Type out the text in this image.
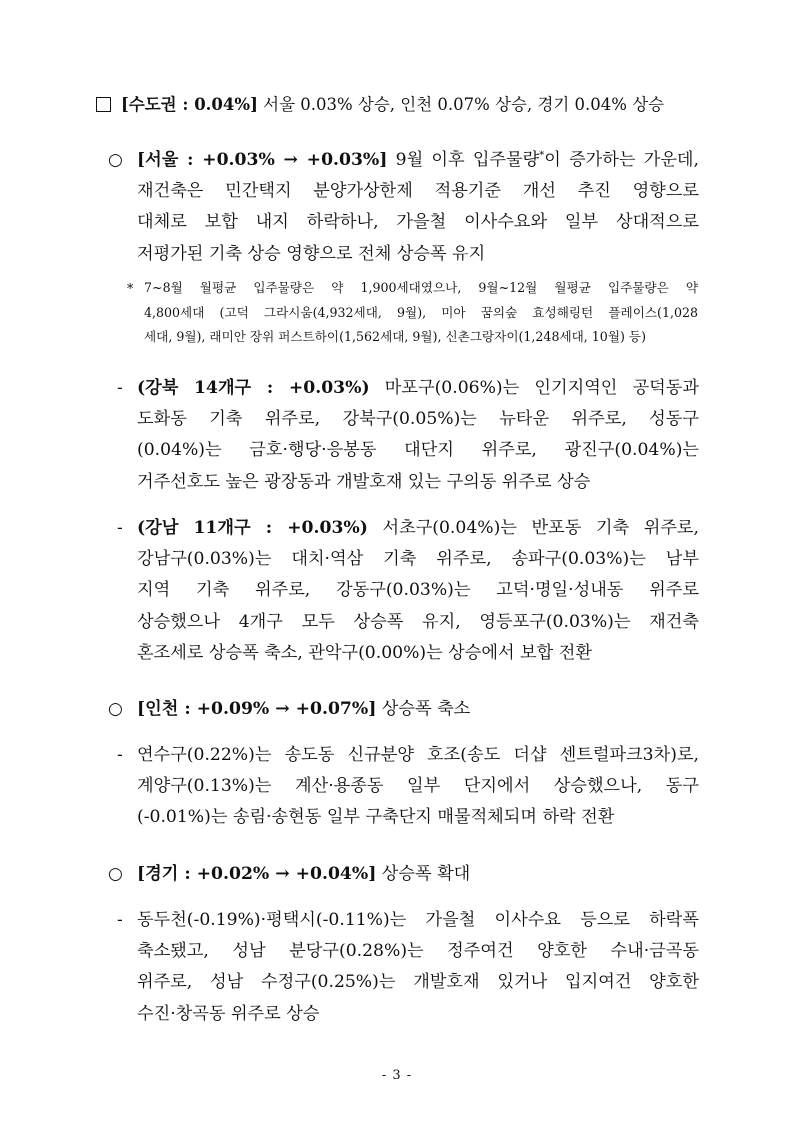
[수도권 : 0.04%] 서울 0.03% 상승, 인천 0.07% 상승, 경기 0.04% 상승
○ [서울 : +0.03% → +0.03%] 9월 이후 입주물량*이 증가하는 가운데,
재건축은 민간택지 분양가상한제 적용기준 개선 추진 영향으로
대체로 보합 내지 하락하나, 가을철 이사수요와 일부 상대적으로
저평가된 기축 상승 영향으로 전체 상승폭 유지
* 7~8월 월평균 입주물량은 약 1,900세대였으나, 9월~12월 월평균 입주물량은 약
4,800세대 (고덕 그라시움(4,932세대, 9월), 미아 꿈의숲 효성해링턴 플레이스(1,028
세대, 9월), 래미안 장위 퍼스트하이(1,562세대, 9월), 신촌그랑자이(1,248세대, 10월) 등)
- (강북 14개구 : +0.03%) 마포구(0.06%)는 인기지역인 공덕동과
도화동 기축 위주로, 강북구(0.05%)는 뉴타운 위주로, 성동구
(0.04%)는 금호·행당·응봉동 대단지 위주로, 광진구(0.04%)는
거주선호도 높은 광장동과 개발호재 있는 구의동 위주로 상승
- (강남 11개구 : +0.03%) 서초구(0.04%)는 반포동 기축 위주로,
강남구(0.03%)는 대치·역삼 기축 위주로, 송파구(0.03%)는 남부
지역 기축 위주로, 강동구(0.03%)는 고덕·명일·성내동 위주로
상승했으나 4개구 모두 상승폭 유지, 영등포구(0.03%)는 재건축
혼조세로 상승폭 축소, 관악구(0.00%)는 상승에서 보합 전환
○ [인천 : +0.09% → +0.07%] 상승폭 축소
- 연수구(0.22%)는 송도동 신규분양 호조(송도 더샵 센트럴파크3차)로,
계양구(0.13%)는 계산·용종동 일부 단지에서 상승했으나, 동구
(-0.01%)는 송림·송현동 일부 구축단지 매물적체되며 하락 전환
○ [경기 : +0.02% → +0.04%] 상승폭 확대
- 동두천(-0.19%)·평택시(-0.11%)는 가을철 이사수요 등으로 하락폭
축소됐고, 성남 분당구(0.28%)는 정주여건 양호한 수내·금곡동
위주로, 성남 수정구(0.25%)는 개발호재 있거나 입지여건 양호한
수진·창곡동 위주로 상승
- 3 -
